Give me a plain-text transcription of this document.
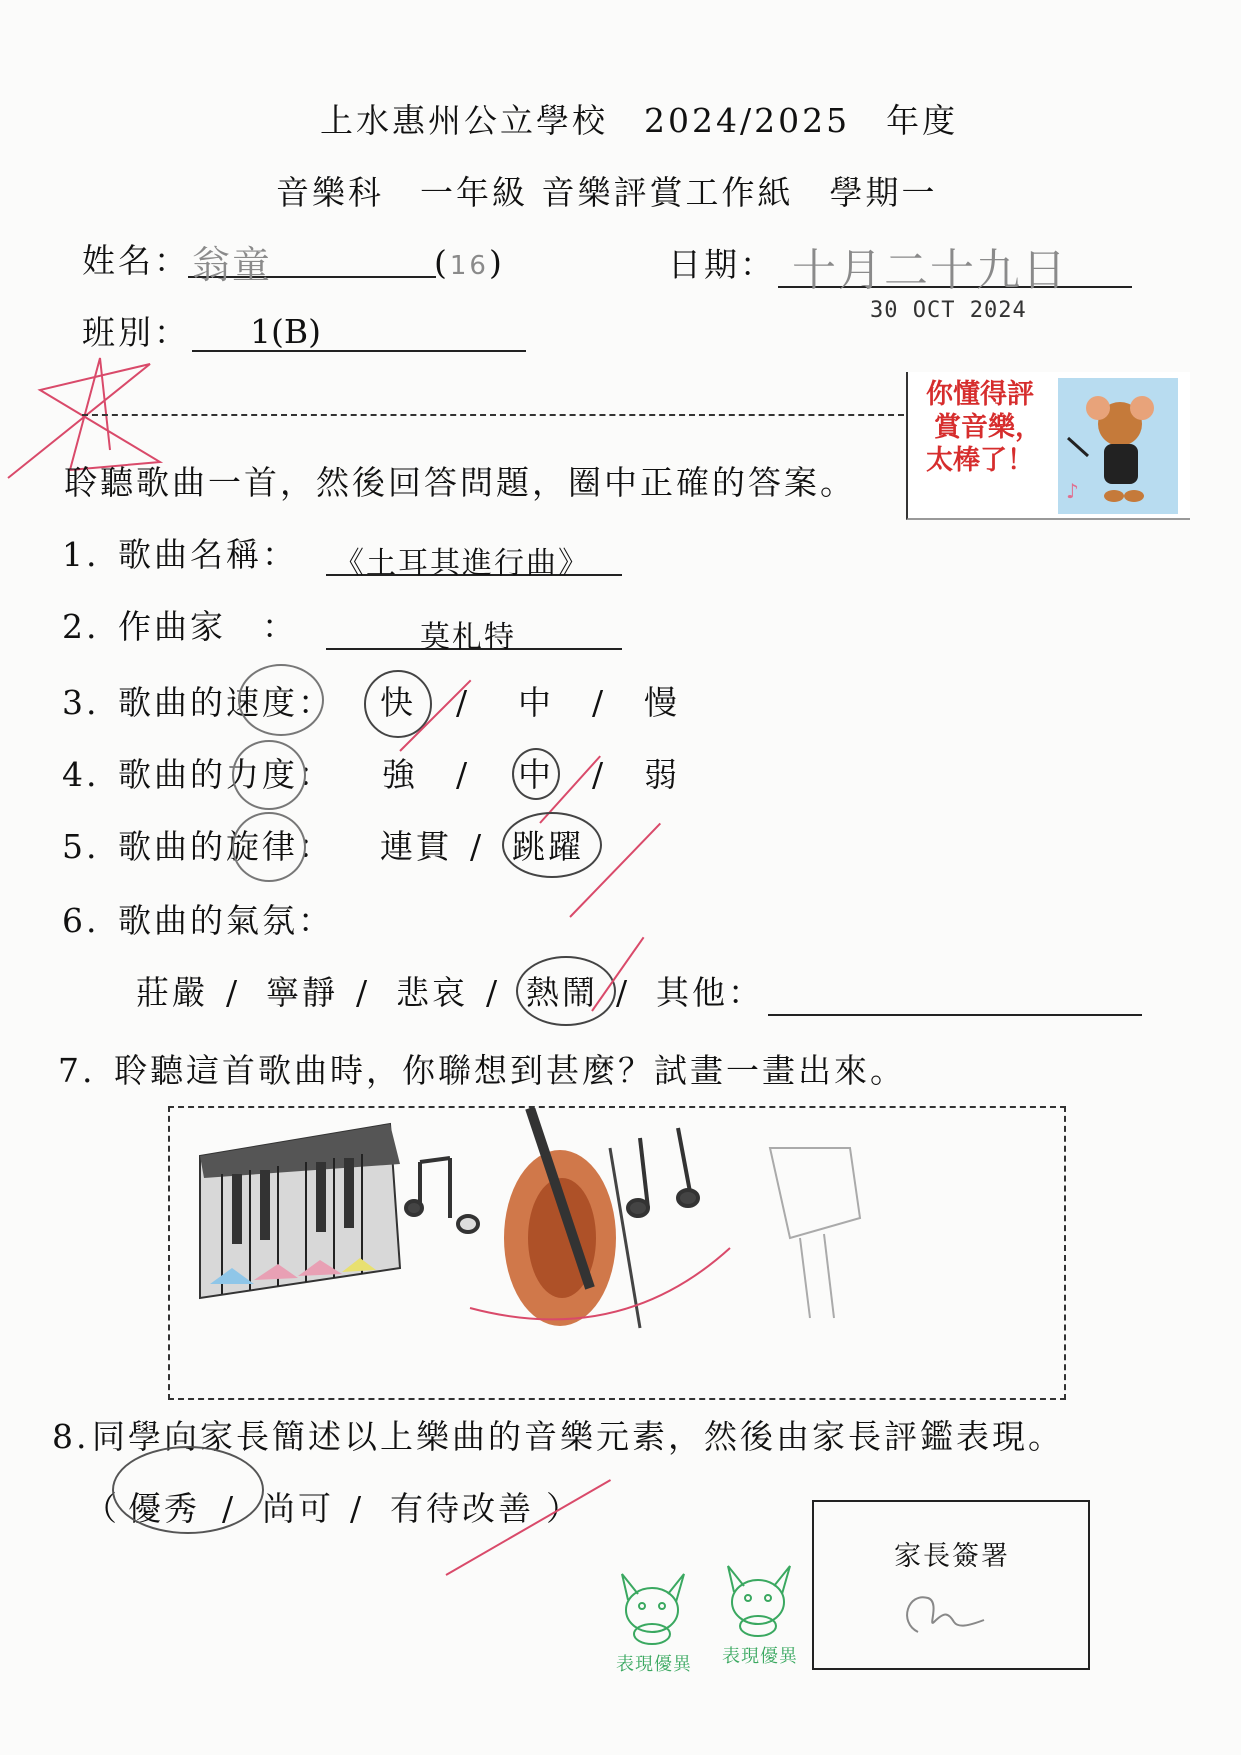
上水惠州公立學校　2024/2025　年度
音樂科　一年級 音樂評賞工作紙　學期一
姓名： 翁童	(16)	日期： 十月二十九日
30 OCT 2024
班別： 1(B)
你懂得評
賞音樂，
太棒了！
♪
聆聽歌曲一首，然後回答問題，圈中正確的答案。
1. 歌曲名稱： 《土耳其進行曲》
2. 作曲家　：	莫札特
3. 歌曲的速度： 快 / 中 / 慢
4. 歌曲的力度： 強 / 中 / 弱
5. 歌曲的旋律： 連貫 / 跳躍
6. 歌曲的氣氛：
莊嚴 / 寧靜 / 悲哀 / 熱鬧 / 其他：
7. 聆聽這首歌曲時，你聯想到甚麼？試畫一畫出來。
8. 同學向家長簡述以上樂曲的音樂元素，然後由家長評鑑表現。
（ 優秀 / 尚可 / 有待改善 ）
家長簽署
表現優異	表現優異
